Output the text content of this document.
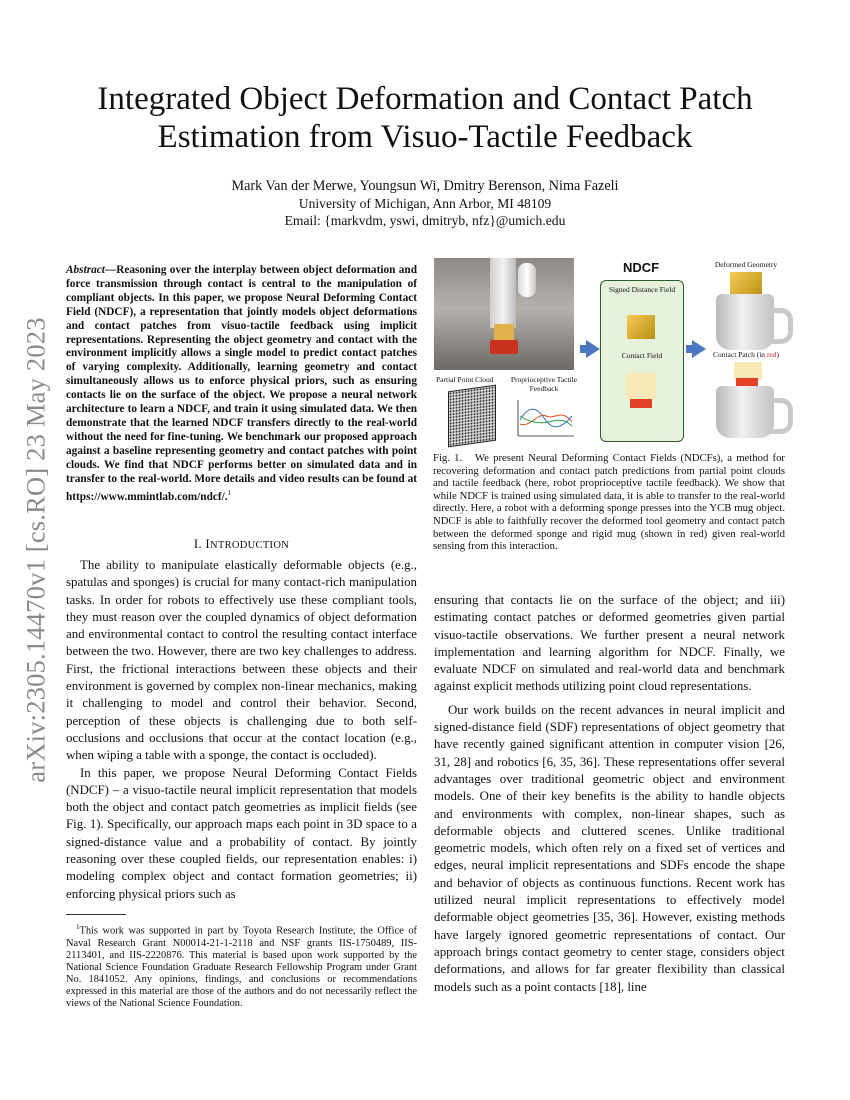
arXiv:2305.14470v1 [cs.RO] 23 May 2023
Integrated Object Deformation and Contact Patch
Estimation from Visuo-Tactile Feedback
Mark Van der Merwe, Youngsun Wi, Dmitry Berenson, Nima Fazeli
University of Michigan, Ann Arbor, MI 48109
Email: {markvdm, yswi, dmitryb, nfz}@umich.edu
Abstract—Reasoning over the interplay between object deformation and force transmission through contact is central to the manipulation of compliant objects. In this paper, we propose Neural Deforming Contact Field (NDCF), a representation that jointly models object deformations and contact patches from visuo-tactile feedback using implicit representations. Representing the object geometry and contact with the environment implicitly allows a single model to predict contact patches of varying complexity. Additionally, learning geometry and contact simultaneously allows us to enforce physical priors, such as ensuring contacts lie on the surface of the object. We propose a neural network architecture to learn a NDCF, and train it using simulated data. We then demonstrate that the learned NDCF transfers directly to the real-world without the need for fine-tuning. We benchmark our proposed approach against a baseline representing geometry and contact patches with point clouds. We find that NDCF performs better on simulated data and in transfer to the real-world. More details and video results can be found at https://www.mmintlab.com/ndcf/.$^1$
I. INTRODUCTION

The ability to manipulate elastically deformable objects (e.g., spatulas and sponges) is crucial for many contact-rich manipulation tasks. In order for robots to effectively use these compliant tools, they must reason over the coupled dynamics of object deformation and environmental contact to control the resulting contact interface between the two. However, there are two key challenges to address. First, the frictional interactions between these objects and their environment is governed by complex non-linear mechanics, making it challenging to model and control their behavior. Second, perception of these objects is challenging due to both self-occlusions and occlusions that occur at the contact location (e.g., when wiping a table with a sponge, the contact is occluded).

In this paper, we propose Neural Deforming Contact Fields (NDCF) – a visuo-tactile neural implicit representation that models both the object and contact patch geometries as implicit fields (see Fig. 1). Specifically, our approach maps each point in 3D space to a signed-distance value and a probability of contact. By jointly reasoning over these coupled fields, our representation enables: i) modeling complex object and contact formation geometries; ii) enforcing physical priors such as

$^1$This work was supported in part by Toyota Research Institute, the Office of Naval Research Grant N00014-21-1-2118 and NSF grants IIS-1750489, IIS-2113401, and IIS-2220876. This material is based upon work supported by the National Science Foundation Graduate Research Fellowship Program under Grant No. 1841052. Any opinions, findings, and conclusions or recommendations expressed in this material are those of the authors and do not necessarily reflect the views of the National Science Foundation.
Partial Point Cloud	Proprioceptive Tactile Feedback
NDCF
Signed Distance Field
Contact Field
Deformed Geometry
Contact Patch (in red)
Fig. 1. We present Neural Deforming Contact Fields (NDCFs), a method for recovering deformation and contact patch predictions from partial point clouds and tactile feedback (here, robot proprioceptive tactile feedback). We show that while NDCF is trained using simulated data, it is able to transfer to the real-world directly. Here, a robot with a deforming sponge presses into the YCB mug object. NDCF is able to faithfully recover the deformed tool geometry and contact patch between the deformed sponge and rigid mug (shown in red) given real-world sensing from this interaction.

ensuring that contacts lie on the surface of the object; and iii) estimating contact patches or deformed geometries given partial visuo-tactile observations. We further present a neural network implementation and learning algorithm for NDCF. Finally, we evaluate NDCF on simulated and real-world data and benchmark against explicit methods utilizing point cloud representations.

Our work builds on the recent advances in neural implicit and signed-distance field (SDF) representations of object geometry that have recently gained significant attention in computer vision [26, 31, 28] and robotics [6, 35, 36]. These representations offer several advantages over traditional geometric object and environment models. One of their key benefits is the ability to handle objects and environments with complex, non-linear shapes, such as deformable objects and cluttered scenes. Unlike traditional geometric models, which often rely on a fixed set of vertices and edges, neural implicit representations and SDFs encode the shape and behavior of objects as continuous functions. Recent work has utilized neural implicit representations to effectively model deformable object geometries [35, 36]. However, existing methods have largely ignored geometric representations of contact. Our approach brings contact geometry to center stage, considers object deformations, and allows for far greater flexibility than classical models such as a point contacts [18], line
